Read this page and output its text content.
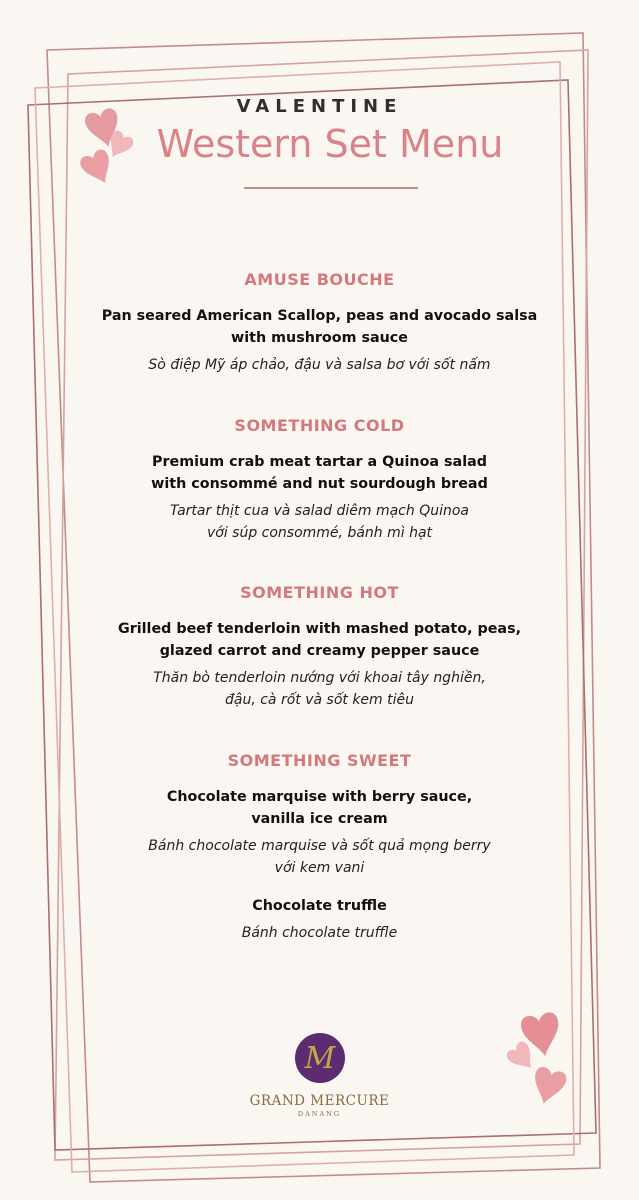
VALENTINE
Western Set Menu
AMUSE BOUCHE
Pan seared American Scallop, peas and avocado salsa
with mushroom sauce
Sò điệp Mỹ áp chảo, đậu và salsa bơ với sốt nấm
SOMETHING COLD
Premium crab meat tartar a Quinoa salad
with consommé and nut sourdough bread
Tartar thịt cua và salad diêm mạch Quinoa
với súp consommé, bánh mì hạt
SOMETHING HOT
Grilled beef tenderloin with mashed potato, peas,
glazed carrot and creamy pepper sauce
Thăn bò tenderloin nướng với khoai tây nghiền,
đậu, cà rốt và sốt kem tiêu
SOMETHING SWEET
Chocolate marquise with berry sauce,
vanilla ice cream
Bánh chocolate marquise và sốt quả mọng berry
với kem vani
Chocolate truffle
Bánh chocolate truffle
M
GRAND MERCURE
DANANG
